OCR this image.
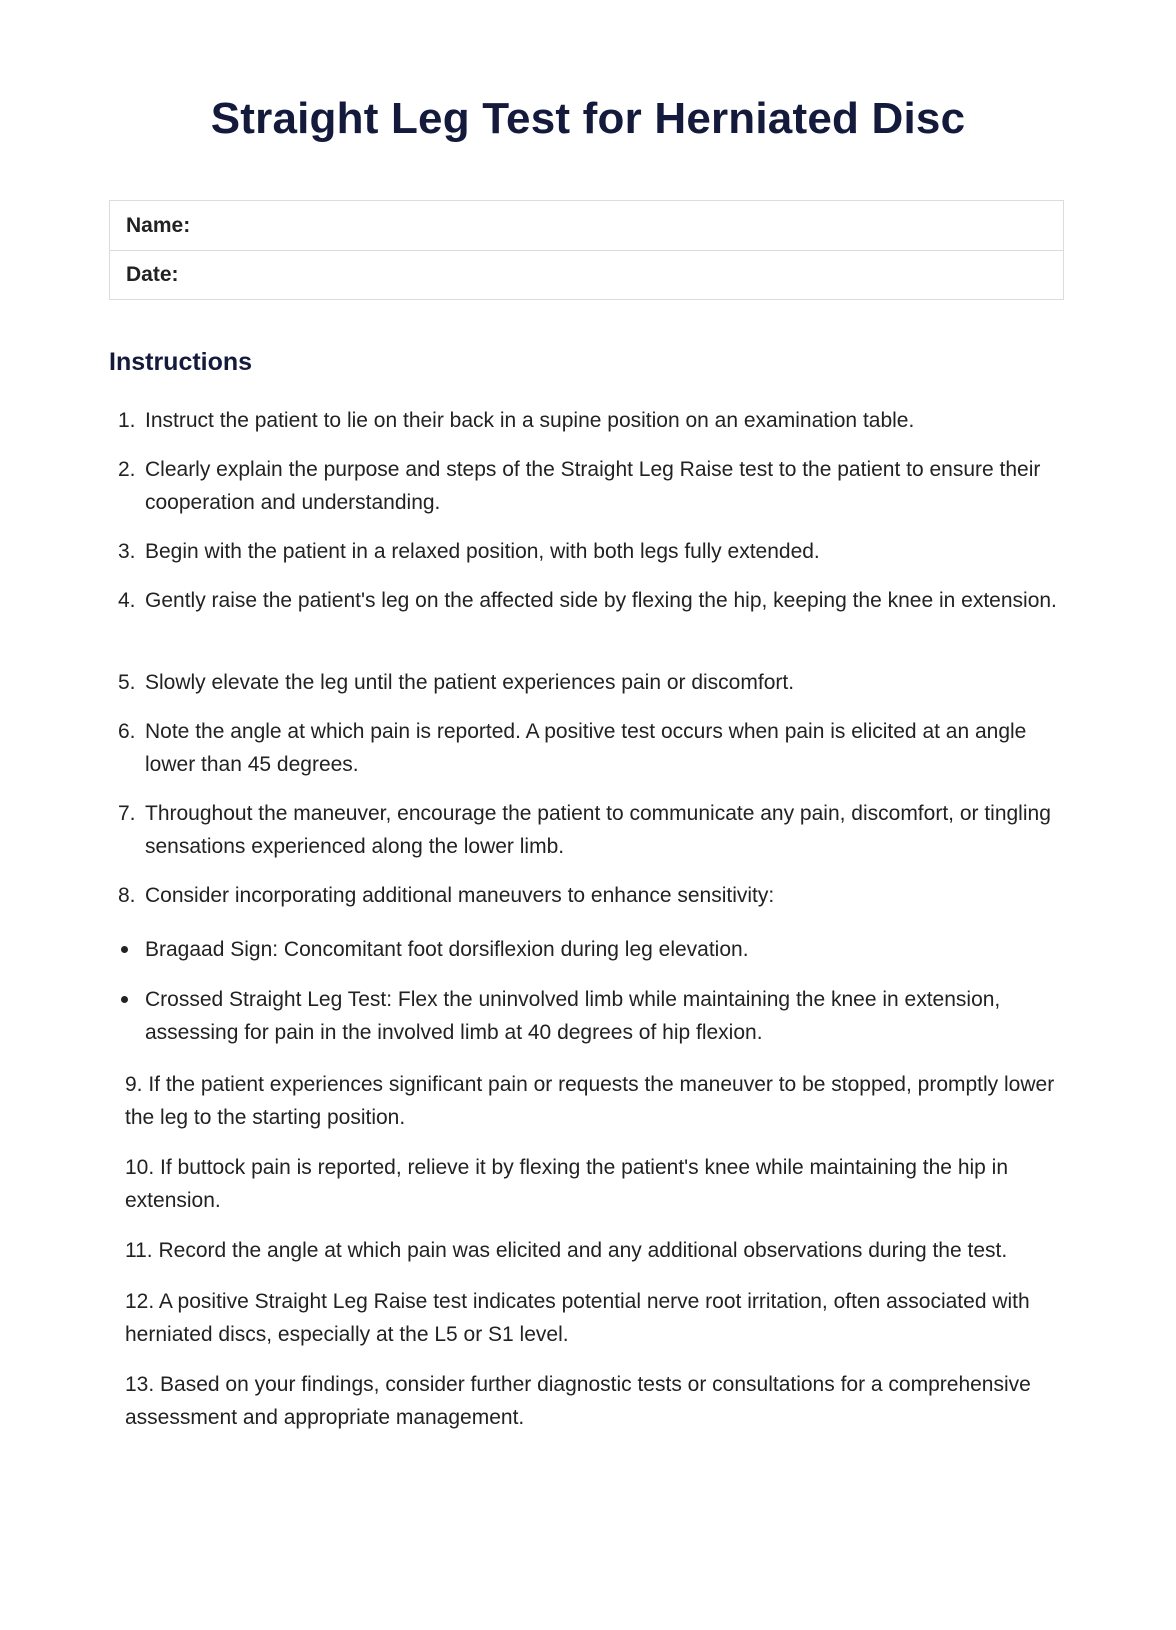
Straight Leg Test for Herniated Disc
Name:
Date:
Instructions
1. Instruct the patient to lie on their back in a supine position on an examination table.
2. Clearly explain the purpose and steps of the Straight Leg Raise test to the patient to ensure their cooperation and understanding.
3. Begin with the patient in a relaxed position, with both legs fully extended.
4. Gently raise the patient's leg on the affected side by flexing the hip, keeping the knee in extension.
5. Slowly elevate the leg until the patient experiences pain or discomfort.
6. Note the angle at which pain is reported. A positive test occurs when pain is elicited at an angle lower than 45 degrees.
7. Throughout the maneuver, encourage the patient to communicate any pain, discomfort, or tingling sensations experienced along the lower limb.
8. Consider incorporating additional maneuvers to enhance sensitivity:
Bragaad Sign: Concomitant foot dorsiflexion during leg elevation.
Crossed Straight Leg Test: Flex the uninvolved limb while maintaining the knee in extension, assessing for pain in the involved limb at 40 degrees of hip flexion.
9. If the patient experiences significant pain or requests the maneuver to be stopped, promptly lower the leg to the starting position.
10. If buttock pain is reported, relieve it by flexing the patient's knee while maintaining the hip in extension.
11. Record the angle at which pain was elicited and any additional observations during the test.
12. A positive Straight Leg Raise test indicates potential nerve root irritation, often associated with herniated discs, especially at the L5 or S1 level.
13. Based on your findings, consider further diagnostic tests or consultations for a comprehensive assessment and appropriate management.
